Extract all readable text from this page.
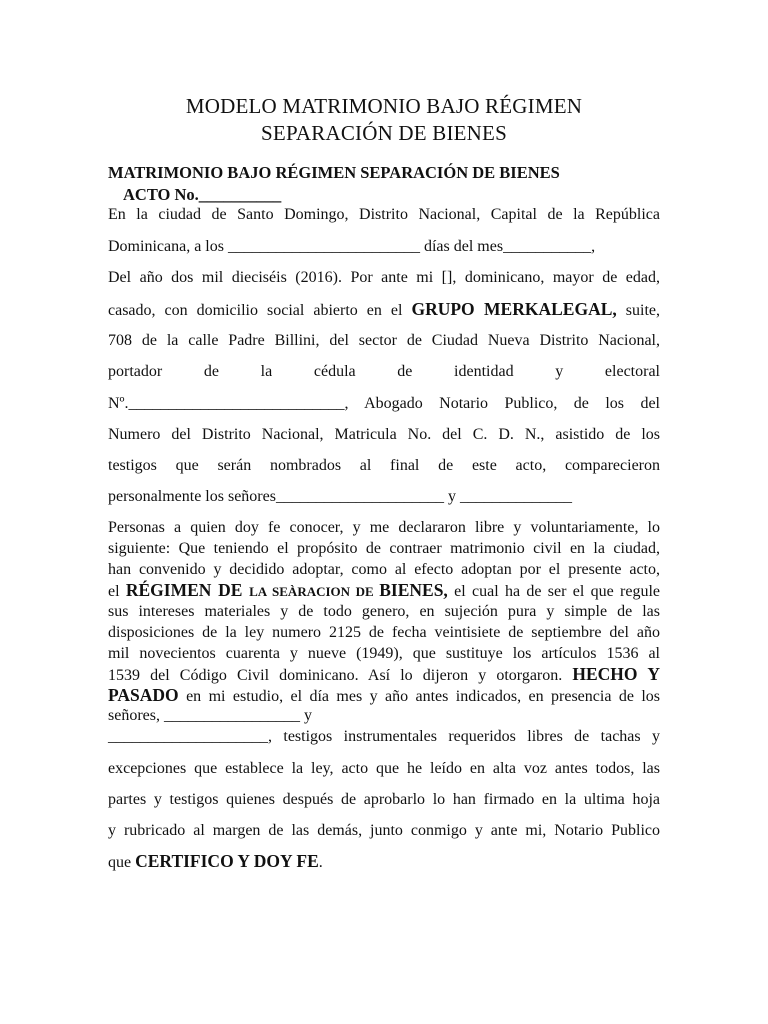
MODELO MATRIMONIO BAJO RÉGIMEN
SEPARACIÓN DE BIENES

MATRIMONIO BAJO RÉGIMEN SEPARACIÓN DE BIENES

ACTO No.__________

En la ciudad de Santo Domingo, Distrito Nacional, Capital de la República

Dominicana, a los ________________________ días del mes___________,

Del año dos mil dieciséis (2016). Por ante mi [], dominicano, mayor de edad,

casado, con domicilio social abierto en el GRUPO MERKALEGAL, suite,

708 de la calle Padre Billini, del sector de Ciudad Nueva Distrito Nacional,

portador de la cédula de identidad y electoral

Nº.___________________________, Abogado Notario Publico, de los del

Numero del Distrito Nacional, Matricula No. del C. D. N., asistido de los

testigos que serán nombrados al final de este acto, comparecieron

personalmente los señores_____________________ y ______________

Personas a quien doy fe conocer, y me declararon libre y voluntariamente, lo

siguiente: Que teniendo el propósito de contraer matrimonio civil en la ciudad,

han convenido y decidido adoptar, como al efecto adoptan por el presente acto,

el RÉGIMEN DE LA SEÀRACION DE BIENES, el cual ha de ser el que regule

sus intereses materiales y de todo genero, en sujeción pura y simple de las

disposiciones de la ley numero 2125 de fecha veintisiete de septiembre del año

mil novecientos cuarenta y nueve (1949), que sustituye los artículos 1536 al

1539 del Código Civil dominicano. Así lo dijeron y otorgaron. HECHO Y

PASADO en mi estudio, el día mes y año antes indicados, en presencia de los

señores, _________________ y

____________________, testigos instrumentales requeridos libres de tachas y

excepciones que establece la ley, acto que he leído en alta voz antes todos, las

partes y testigos quienes después de aprobarlo lo han firmado en la ultima hoja

y rubricado al margen de las demás, junto conmigo y ante mi, Notario Publico

que CERTIFICO Y DOY FE.
